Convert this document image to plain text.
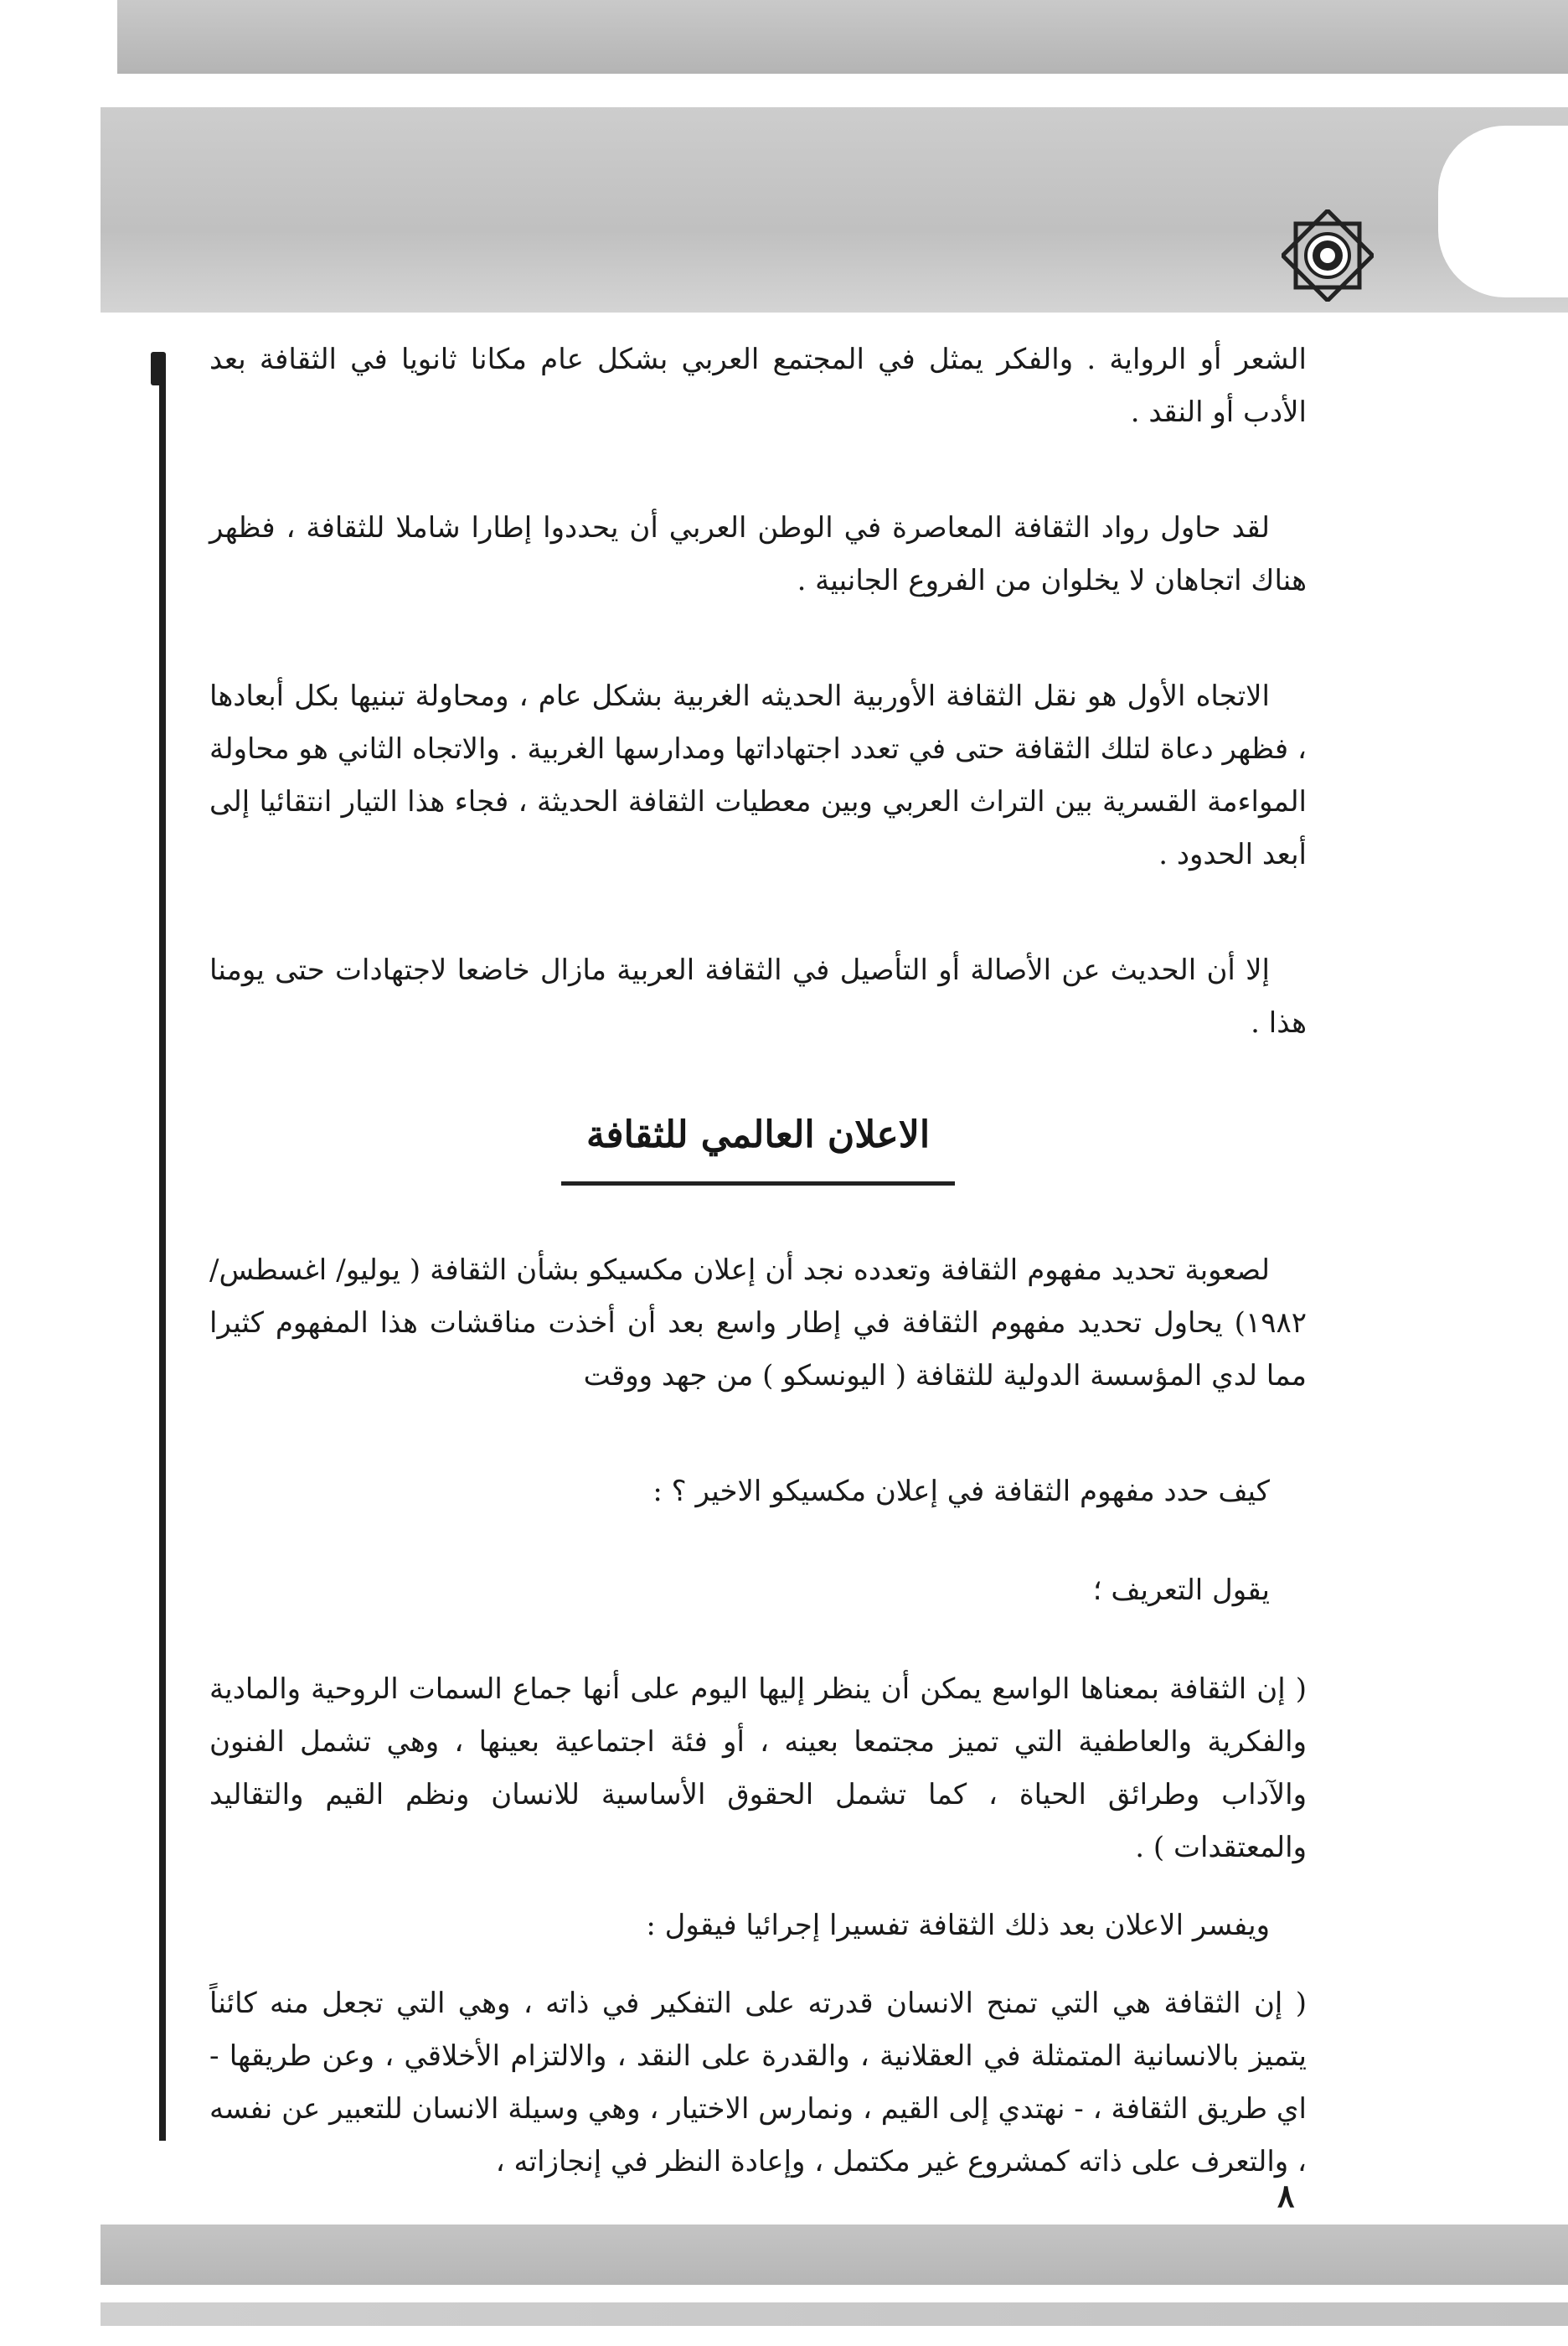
الشعر أو الرواية . والفكر يمثل في المجتمع العربي بشكل عام مكانا ثانويا في الثقافة بعد الأدب أو النقد .

لقد حاول رواد الثقافة المعاصرة في الوطن العربي أن يحددوا إطارا شاملا للثقافة ، فظهر هناك اتجاهان لا يخلوان من الفروع الجانبية .

الاتجاه الأول هو نقل الثقافة الأوربية الحديثه الغربية بشكل عام ، ومحاولة تبنيها بكل أبعادها ، فظهر دعاة لتلك الثقافة حتى في تعدد اجتهاداتها ومدارسها الغربية . والاتجاه الثاني هو محاولة المواءمة القسرية بين التراث العربي وبين معطيات الثقافة الحديثة ، فجاء هذا التيار انتقائيا إلى أبعد الحدود .

إلا أن الحديث عن الأصالة أو التأصيل في الثقافة العربية مازال خاضعا لاجتهادات حتى يومنا هذا .

الاعلان العالمي للثقافة

لصعوبة تحديد مفهوم الثقافة وتعدده نجد أن إعلان مكسيكو بشأن الثقافة ( يوليو/ اغسطس/ ١٩٨٢) يحاول تحديد مفهوم الثقافة في إطار واسع بعد أن أخذت مناقشات هذا المفهوم كثيرا مما لدي المؤسسة الدولية للثقافة ( اليونسكو ) من جهد ووقت

كيف حدد مفهوم الثقافة في إعلان مكسيكو الاخير ؟ :

يقول التعريف ؛

( إن الثقافة بمعناها الواسع يمكن أن ينظر إليها اليوم على أنها جماع السمات الروحية والمادية والفكرية والعاطفية التي تميز مجتمعا بعينه ، أو فئة اجتماعية بعينها ، وهي تشمل الفنون والآداب وطرائق الحياة ، كما تشمل الحقوق الأساسية للانسان ونظم القيم والتقاليد والمعتقدات ) .

ويفسر الاعلان بعد ذلك الثقافة تفسيرا إجرائيا فيقول :

( إن الثقافة هي التي تمنح الانسان قدرته على التفكير في ذاته ، وهي التي تجعل منه كائناً يتميز بالانسانية المتمثلة في العقلانية ، والقدرة على النقد ، والالتزام الأخلاقي ، وعن طريقها - اي طريق الثقافة ، - نهتدي إلى القيم ، ونمارس الاختيار ، وهي وسيلة الانسان للتعبير عن نفسه ، والتعرف على ذاته كمشروع غير مكتمل ، وإعادة النظر في إنجازاته ،

٨
